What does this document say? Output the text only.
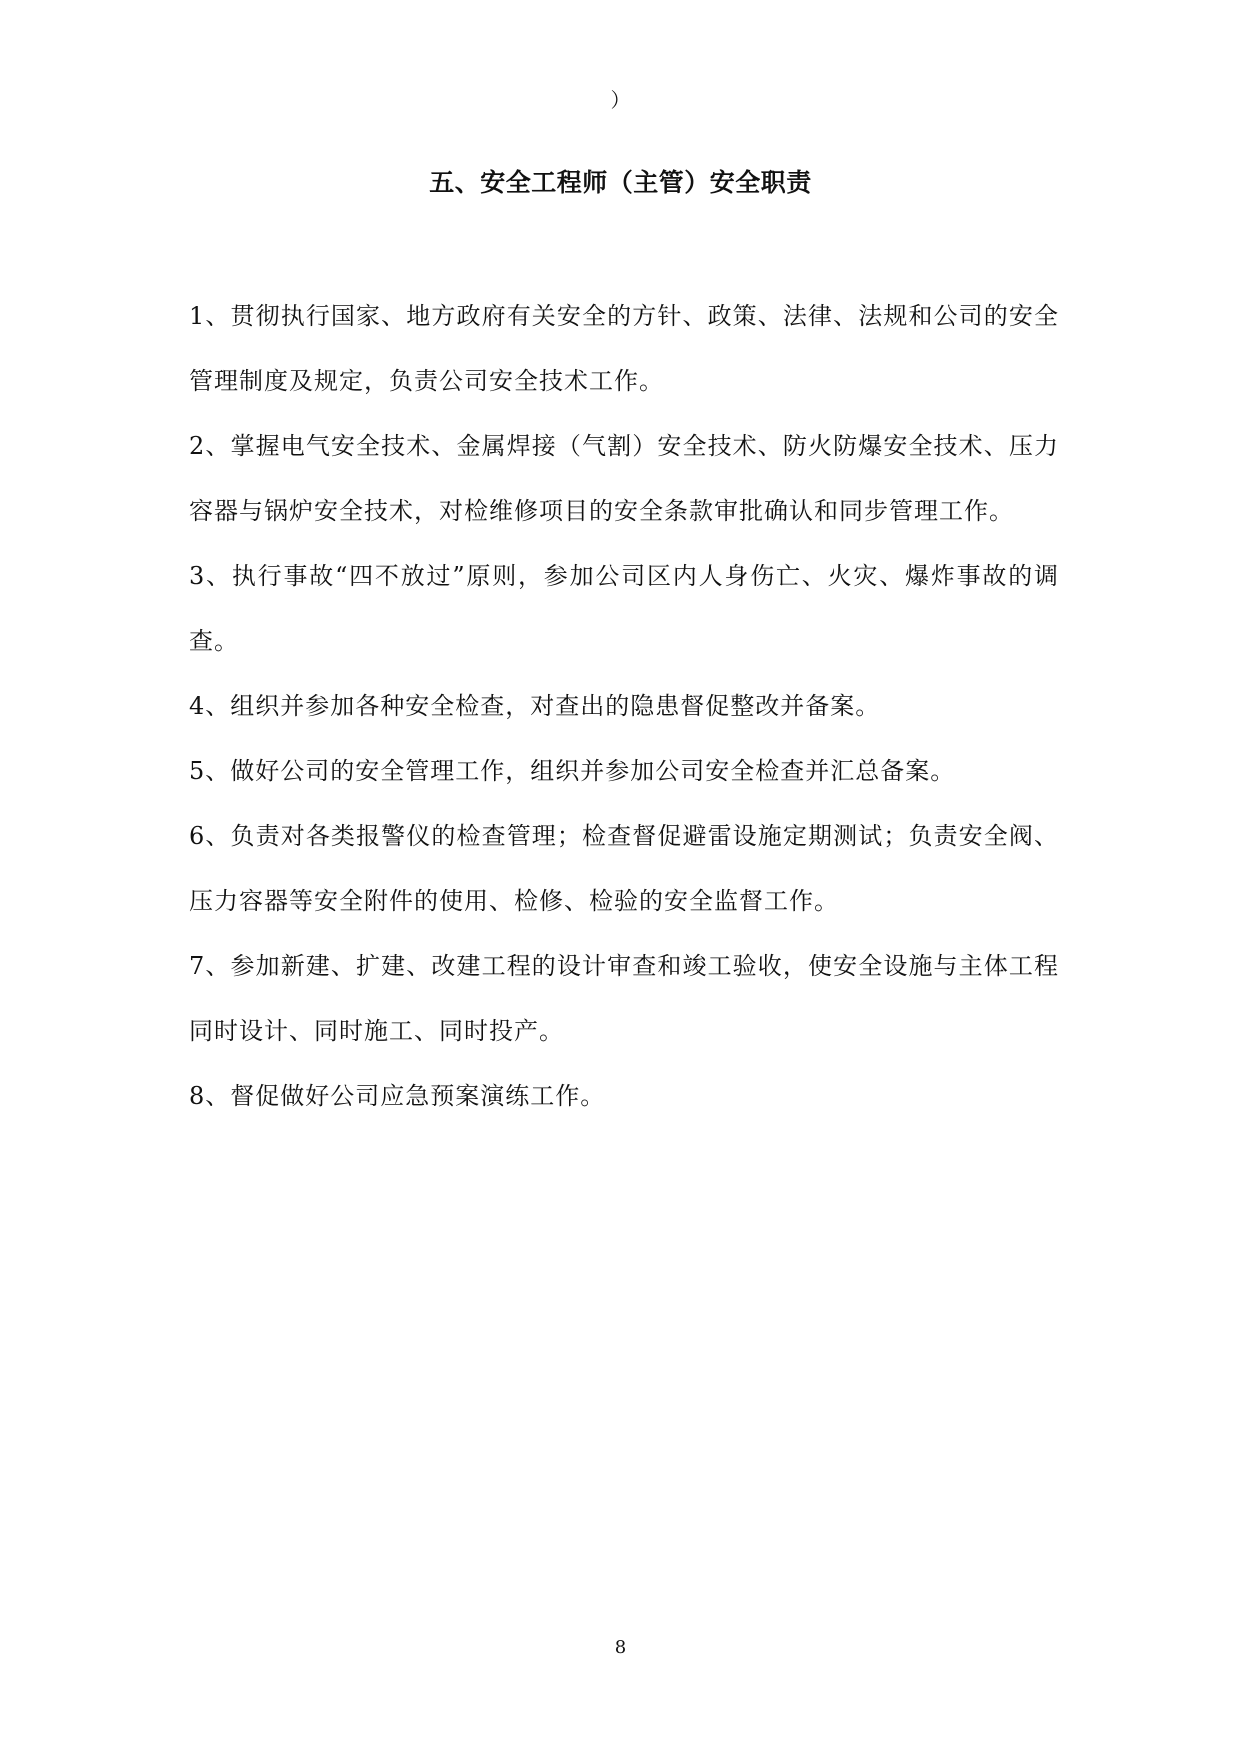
）
五、安全工程师（主管）安全职责

1、贯彻执行国家、地方政府有关安全的方针、政策、法律、法规和公司的安全管理制度及规定，负责公司安全技术工作。

2、掌握电气安全技术、金属焊接（气割）安全技术、防火防爆安全技术、压力容器与锅炉安全技术，对检维修项目的安全条款审批确认和同步管理工作。

3、执行事故“四不放过”原则，参加公司区内人身伤亡、火灾、爆炸事故的调查。

4、组织并参加各种安全检查，对查出的隐患督促整改并备案。

5、做好公司的安全管理工作，组织并参加公司安全检查并汇总备案。

6、负责对各类报警仪的检查管理；检查督促避雷设施定期测试；负责安全阀、压力容器等安全附件的使用、检修、检验的安全监督工作。

7、参加新建、扩建、改建工程的设计审查和竣工验收，使安全设施与主体工程同时设计、同时施工、同时投产。

8、督促做好公司应急预案演练工作。

8
